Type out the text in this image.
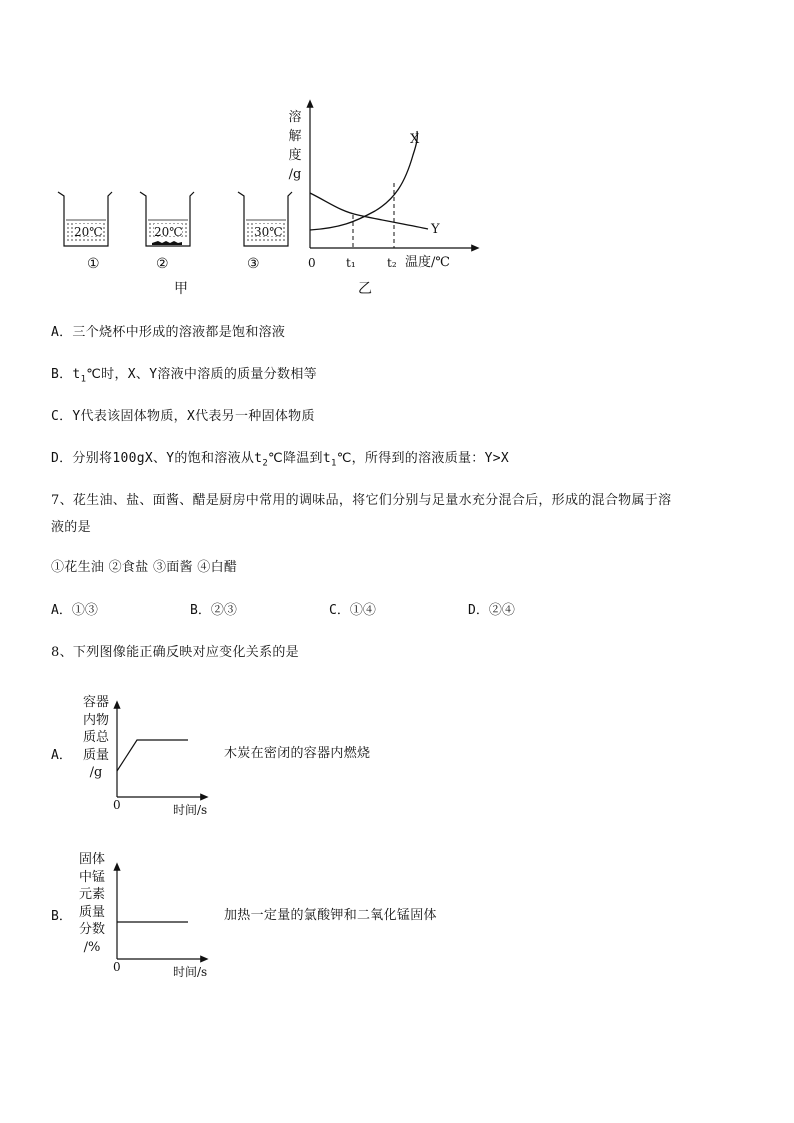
20℃	20℃	30℃
①	②	③
甲	乙
溶
解
度
/g
X
Y
0	t₁	t₂ 温度/℃
A．三个烧杯中形成的溶液都是饱和溶液
B．$t_1℃$时，X、Y溶液中溶质的质量分数相等
C．Y代表该固体物质，X代表另一种固体物质
D．分别将100gX、Y的饱和溶液从$t_2℃$降温到$t_1℃$，所得到的溶液质量：Y>X
7、花生油、盐、面酱、醋是厨房中常用的调味品，将它们分别与足量水充分混合后，形成的混合物属于溶
液的是
①花生油 ②食盐 ③面酱 ④白醋
A．①③	B．②③	C．①④	D．②④
8、下列图像能正确反映对应变化关系的是
A．
容器
内物
质总
质量
/g
0	时间/s
木炭在密闭的容器内燃烧
B．
固体
中锰
元素
质量
分数
/%
0	时间/s
加热一定量的氯酸钾和二氧化锰固体
